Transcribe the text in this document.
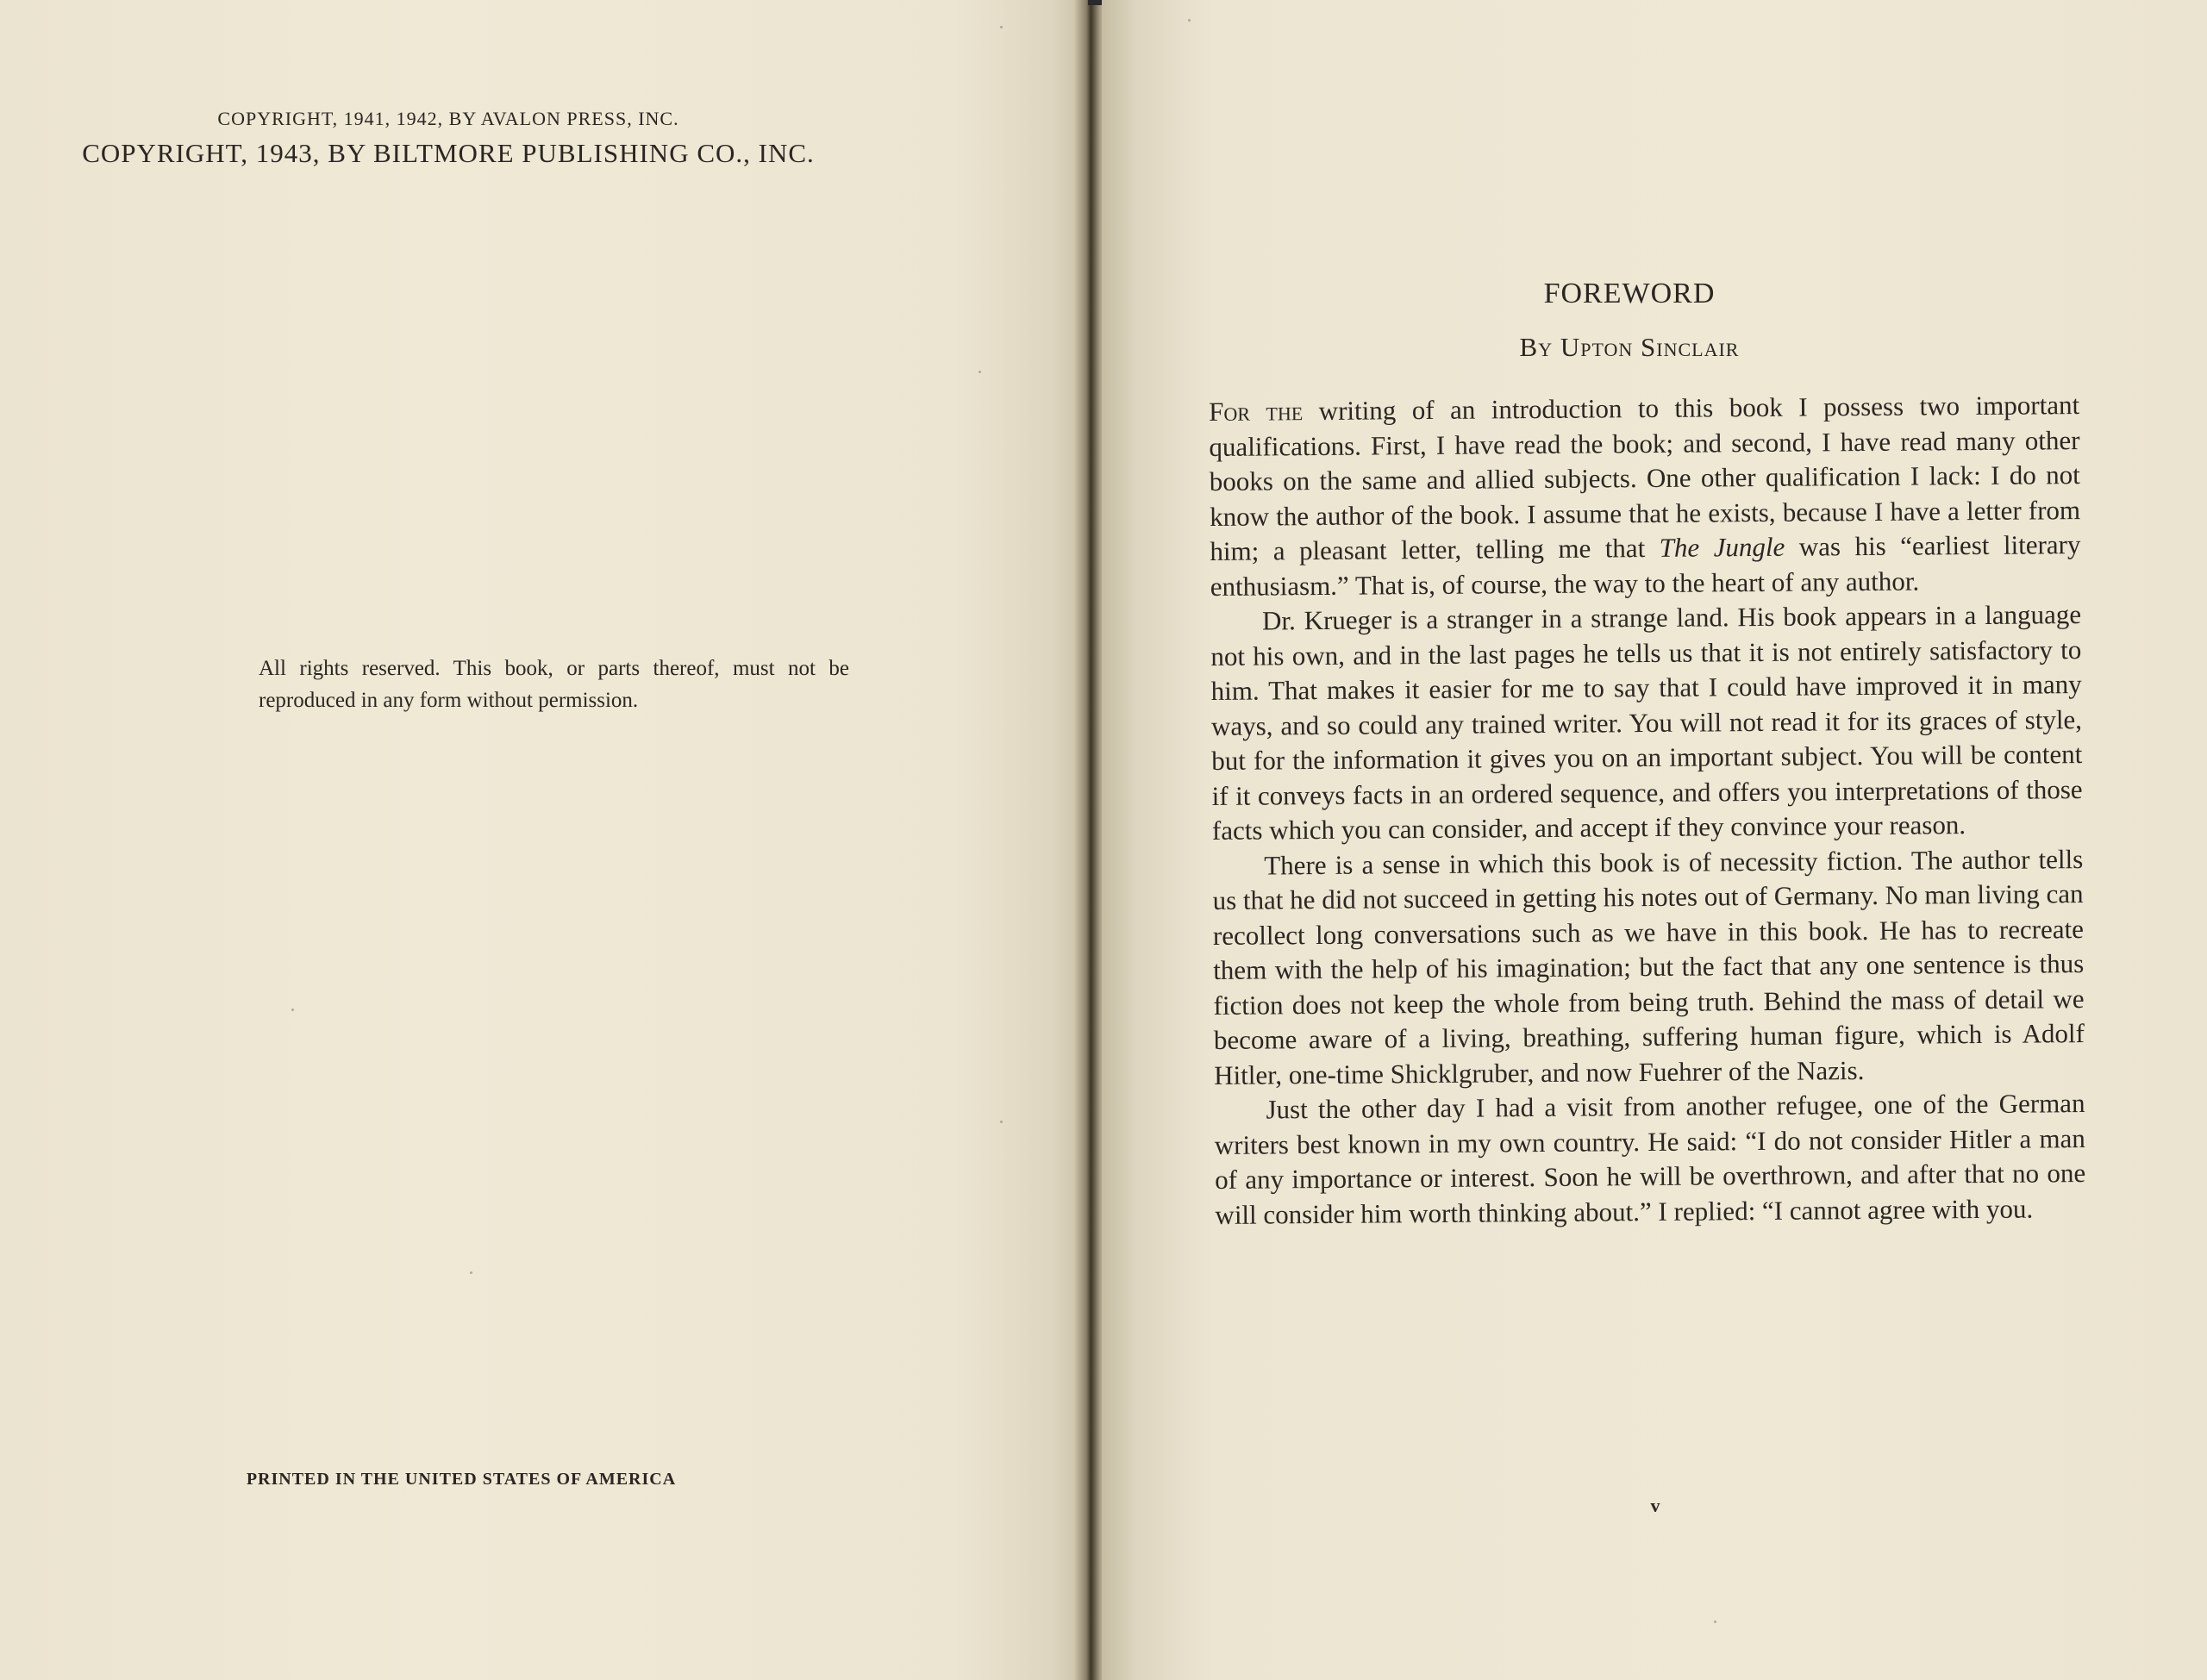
COPYRIGHT, 1941, 1942, BY AVALON PRESS, INC.
COPYRIGHT, 1943, BY BILTMORE PUBLISHING CO., INC.
All rights reserved. This book, or parts thereof, must not be reproduced in any form without permission.
PRINTED IN THE UNITED STATES OF AMERICA
FOREWORD
By Upton Sinclair

For the writing of an introduction to this book I possess two important qualifications. First, I have read the book; and second, I have read many other books on the same and allied subjects. One other qualification I lack: I do not know the author of the book. I assume that he exists, because I have a letter from him; a pleasant letter, telling me that The Jungle was his “earliest literary enthusiasm.” That is, of course, the way to the heart of any author.

Dr. Krueger is a stranger in a strange land. His book appears in a language not his own, and in the last pages he tells us that it is not entirely satisfactory to him. That makes it easier for me to say that I could have improved it in many ways, and so could any trained writer. You will not read it for its graces of style, but for the information it gives you on an important subject. You will be content if it conveys facts in an ordered sequence, and offers you interpretations of those facts which you can consider, and accept if they convince your reason.

There is a sense in which this book is of necessity fiction. The author tells us that he did not succeed in getting his notes out of Germany. No man living can recollect long conversations such as we have in this book. He has to recreate them with the help of his imagination; but the fact that any one sentence is thus fiction does not keep the whole from being truth. Behind the mass of detail we become aware of a living, breathing, suffering human figure, which is Adolf Hitler, one-time Shicklgruber, and now Fuehrer of the Nazis.

Just the other day I had a visit from another refugee, one of the German writers best known in my own country. He said: “I do not consider Hitler a man of any importance or interest. Soon he will be overthrown, and after that no one will consider him worth thinking about.” I replied: “I cannot agree with you.

v
